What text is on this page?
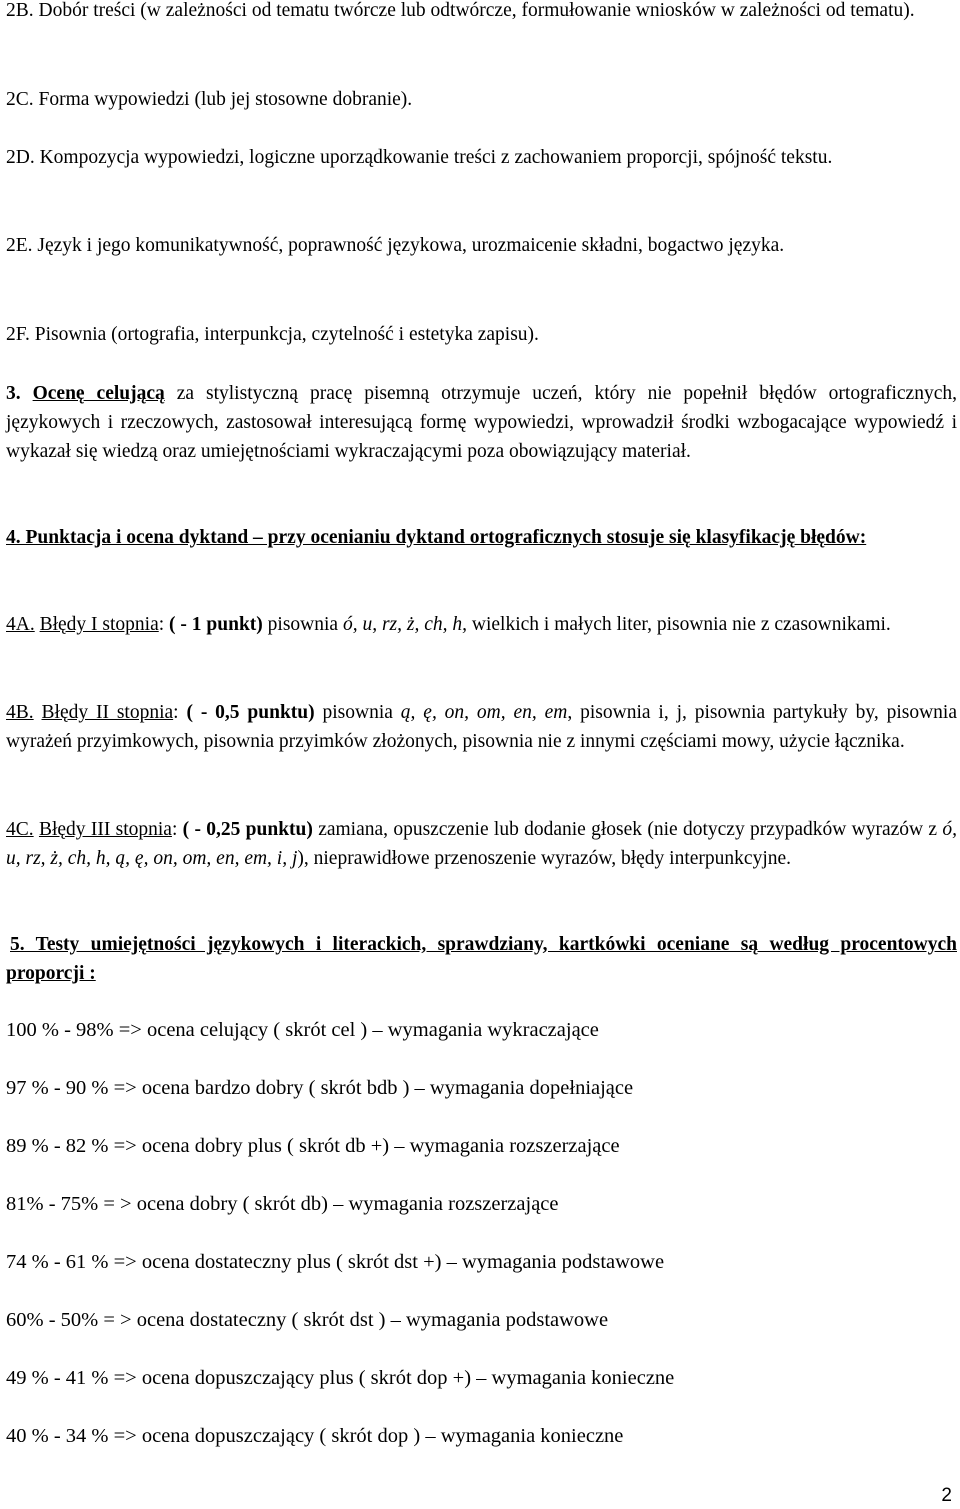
2B. Dobór treści (w zależności od tematu twórcze lub odtwórcze, formułowanie wniosków w zależności od tematu).

2C. Forma wypowiedzi (lub jej stosowne dobranie).

2D. Kompozycja wypowiedzi, logiczne uporządkowanie treści z zachowaniem proporcji, spójność tekstu.

2E. Język i jego komunikatywność, poprawność językowa, urozmaicenie składni, bogactwo języka.

2F. Pisownia (ortografia, interpunkcja, czytelność i estetyka zapisu).

3. Ocenę celującą za stylistyczną pracę pisemną otrzymuje uczeń, który nie popełnił błędów ortograficznych, językowych i rzeczowych, zastosował interesującą formę wypowiedzi, wprowadził środki wzbogacające wypowiedź i wykazał się wiedzą oraz umiejętnościami wykraczającymi poza obowiązujący materiał.

4. Punktacja i ocena dyktand – przy ocenianiu dyktand ortograficznych stosuje się klasyfikację błędów:

4A. Błędy I stopnia: ( - 1 punkt) pisownia ó, u, rz, ż, ch, h, wielkich i małych liter, pisownia nie z czasownikami.

4B. Błędy II stopnia: ( - 0,5 punktu) pisownia ą, ę, on, om, en, em, pisownia i, j, pisownia partykuły by, pisownia wyrażeń przyimkowych, pisownia przyimków złożonych, pisownia nie z innymi częściami mowy, użycie łącznika.

4C. Błędy III stopnia: ( - 0,25 punktu) zamiana, opuszczenie lub dodanie głosek (nie dotyczy przypadków wyrazów z ó, u, rz, ż, ch, h, ą, ę, on, om, en, em, i, j), nieprawidłowe przenoszenie wyrazów, błędy interpunkcyjne.

5. Testy umiejętności językowych i literackich, sprawdziany, kartkówki oceniane są według procentowych proporcji :

100 % - 98% => ocena celujący ( skrót cel ) – wymagania wykraczające

97 % - 90 % => ocena bardzo dobry ( skrót bdb ) – wymagania dopełniające

89 % - 82 % => ocena dobry plus ( skrót db +) – wymagania rozszerzające

81% - 75% = > ocena dobry ( skrót db) – wymagania rozszerzające

74 % - 61 % => ocena dostateczny plus ( skrót dst +) – wymagania podstawowe

60% - 50% = > ocena dostateczny ( skrót dst ) – wymagania podstawowe

49 % - 41 % => ocena dopuszczający plus ( skrót dop +) – wymagania konieczne

40 % - 34 % => ocena dopuszczający ( skrót dop ) – wymagania konieczne

2
